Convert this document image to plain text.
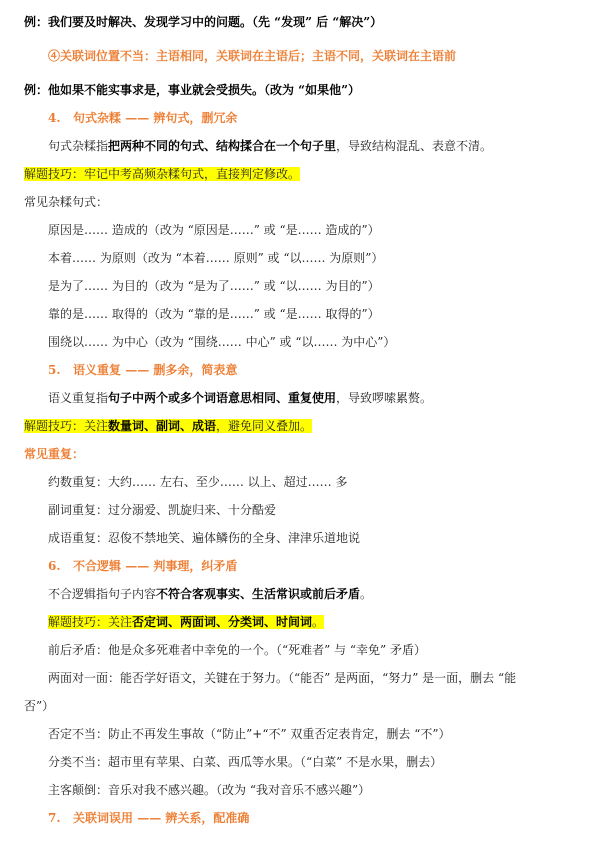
例：我们要及时解决、发现学习中的问题。（先 “发现” 后 “解决”）
④关联词位置不当：主语相同，关联词在主语后；主语不同，关联词在主语前
例：他如果不能实事求是，事业就会受损失。（改为 “如果他”）
4.   句式杂糅 —— 辨句式，删冗余
句式杂糅指把两种不同的句式、结构揉合在一个句子里，导致结构混乱、表意不清。
解题技巧：牢记中考高频杂糅句式，直接判定修改。
常见杂糅句式：
原因是…… 造成的（改为 “原因是……” 或 “是…… 造成的”）
本着…… 为原则（改为 “本着…… 原则” 或 “以…… 为原则”）
是为了…… 为目的（改为 “是为了……” 或 “以…… 为目的”）
靠的是…… 取得的（改为 “靠的是……” 或 “是…… 取得的”）
围绕以…… 为中心（改为 “围绕…… 中心” 或 “以…… 为中心”）
5.   语义重复 —— 删多余，简表意
语义重复指句子中两个或多个词语意思相同、重复使用，导致啰嗦累赘。
解题技巧：关注数量词、副词、成语，避免同义叠加。
常见重复：
约数重复：大约…… 左右、至少…… 以上、超过…… 多
副词重复：过分溺爱、凯旋归来、十分酷爱
成语重复：忍俊不禁地笑、遍体鳞伤的全身、津津乐道地说
6.   不合逻辑 —— 判事理，纠矛盾
不合逻辑指句子内容不符合客观事实、生活常识或前后矛盾。
解题技巧：关注否定词、两面词、分类词、时间词。
前后矛盾：他是众多死难者中幸免的一个。（“死难者” 与 “幸免” 矛盾）
两面对一面：能否学好语文，关键在于努力。（“能否” 是两面，“努力” 是一面，删去 “能
否”）
否定不当：防止不再发生事故（“防止”+“不” 双重否定表肯定，删去 “不”）
分类不当：超市里有苹果、白菜、西瓜等水果。（“白菜” 不是水果，删去）
主客颠倒：音乐对我不感兴趣。（改为 “我对音乐不感兴趣”）
7.   关联词误用 —— 辨关系，配准确
